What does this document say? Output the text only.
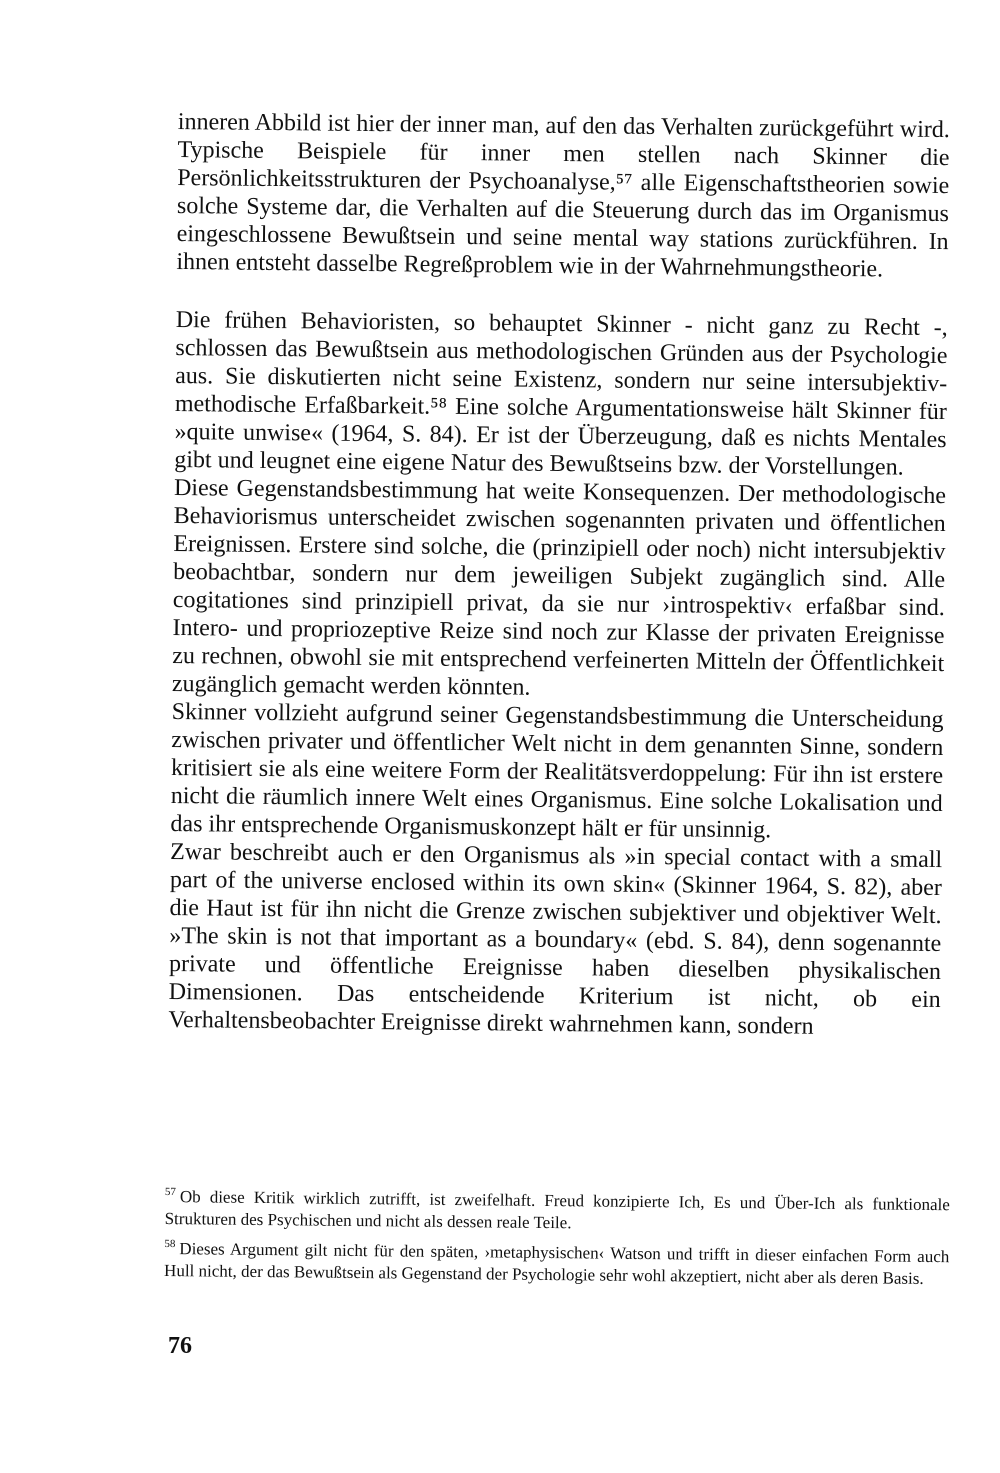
inneren Abbild ist hier der inner man, auf den das Verhalten zurückgeführt wird. Typische Beispiele für inner men stellen nach Skinner die Persönlichkeitsstrukturen der Psychoanalyse,⁵⁷ alle Eigenschaftstheorien sowie solche Systeme dar, die Verhalten auf die Steuerung durch das im Organismus eingeschlossene Bewußtsein und seine mental way stations zurückführen. In ihnen entsteht dasselbe Regreßproblem wie in der Wahrnehmungstheorie.

Die frühen Behavioristen, so behauptet Skinner - nicht ganz zu Recht -, schlossen das Bewußtsein aus methodologischen Gründen aus der Psychologie aus. Sie diskutierten nicht seine Existenz, sondern nur seine intersubjektiv-methodische Erfaßbarkeit.⁵⁸ Eine solche Argumentationsweise hält Skinner für »quite unwise« (1964, S. 84). Er ist der Überzeugung, daß es nichts Mentales gibt und leugnet eine eigene Natur des Bewußtseins bzw. der Vorstellungen.

Diese Gegenstandsbestimmung hat weite Konsequenzen. Der methodologische Behaviorismus unterscheidet zwischen sogenannten privaten und öffentlichen Ereignissen. Erstere sind solche, die (prinzipiell oder noch) nicht intersubjektiv beobachtbar, sondern nur dem jeweiligen Subjekt zugänglich sind. Alle cogitationes sind prinzipiell privat, da sie nur ›introspektiv‹ erfaßbar sind. Intero- und propriozeptive Reize sind noch zur Klasse der privaten Ereignisse zu rechnen, obwohl sie mit entsprechend verfeinerten Mitteln der Öffentlichkeit zugänglich gemacht werden könnten.

Skinner vollzieht aufgrund seiner Gegenstandsbestimmung die Unterscheidung zwischen privater und öffentlicher Welt nicht in dem genannten Sinne, sondern kritisiert sie als eine weitere Form der Realitätsverdoppelung: Für ihn ist erstere nicht die räumlich innere Welt eines Organismus. Eine solche Lokalisation und das ihr entsprechende Organismuskonzept hält er für unsinnig.

Zwar beschreibt auch er den Organismus als »in special contact with a small part of the universe enclosed within its own skin« (Skinner 1964, S. 82), aber die Haut ist für ihn nicht die Grenze zwischen subjektiver und objektiver Welt. »The skin is not that important as a boundary« (ebd. S. 84), denn sogenannte private und öffentliche Ereignisse haben dieselben physikalischen Dimensionen. Das entscheidende Kriterium ist nicht, ob ein Verhaltensbeobachter Ereignisse direkt wahrnehmen kann, sondern

$^{57}$ Ob diese Kritik wirklich zutrifft, ist zweifelhaft. Freud konzipierte Ich, Es und Über-Ich als funktionale Strukturen des Psychischen und nicht als dessen reale Teile.

$^{58}$ Dieses Argument gilt nicht für den späten, ›metaphysischen‹ Watson und trifft in dieser einfachen Form auch Hull nicht, der das Bewußtsein als Gegenstand der Psychologie sehr wohl akzeptiert, nicht aber als deren Basis.

76
